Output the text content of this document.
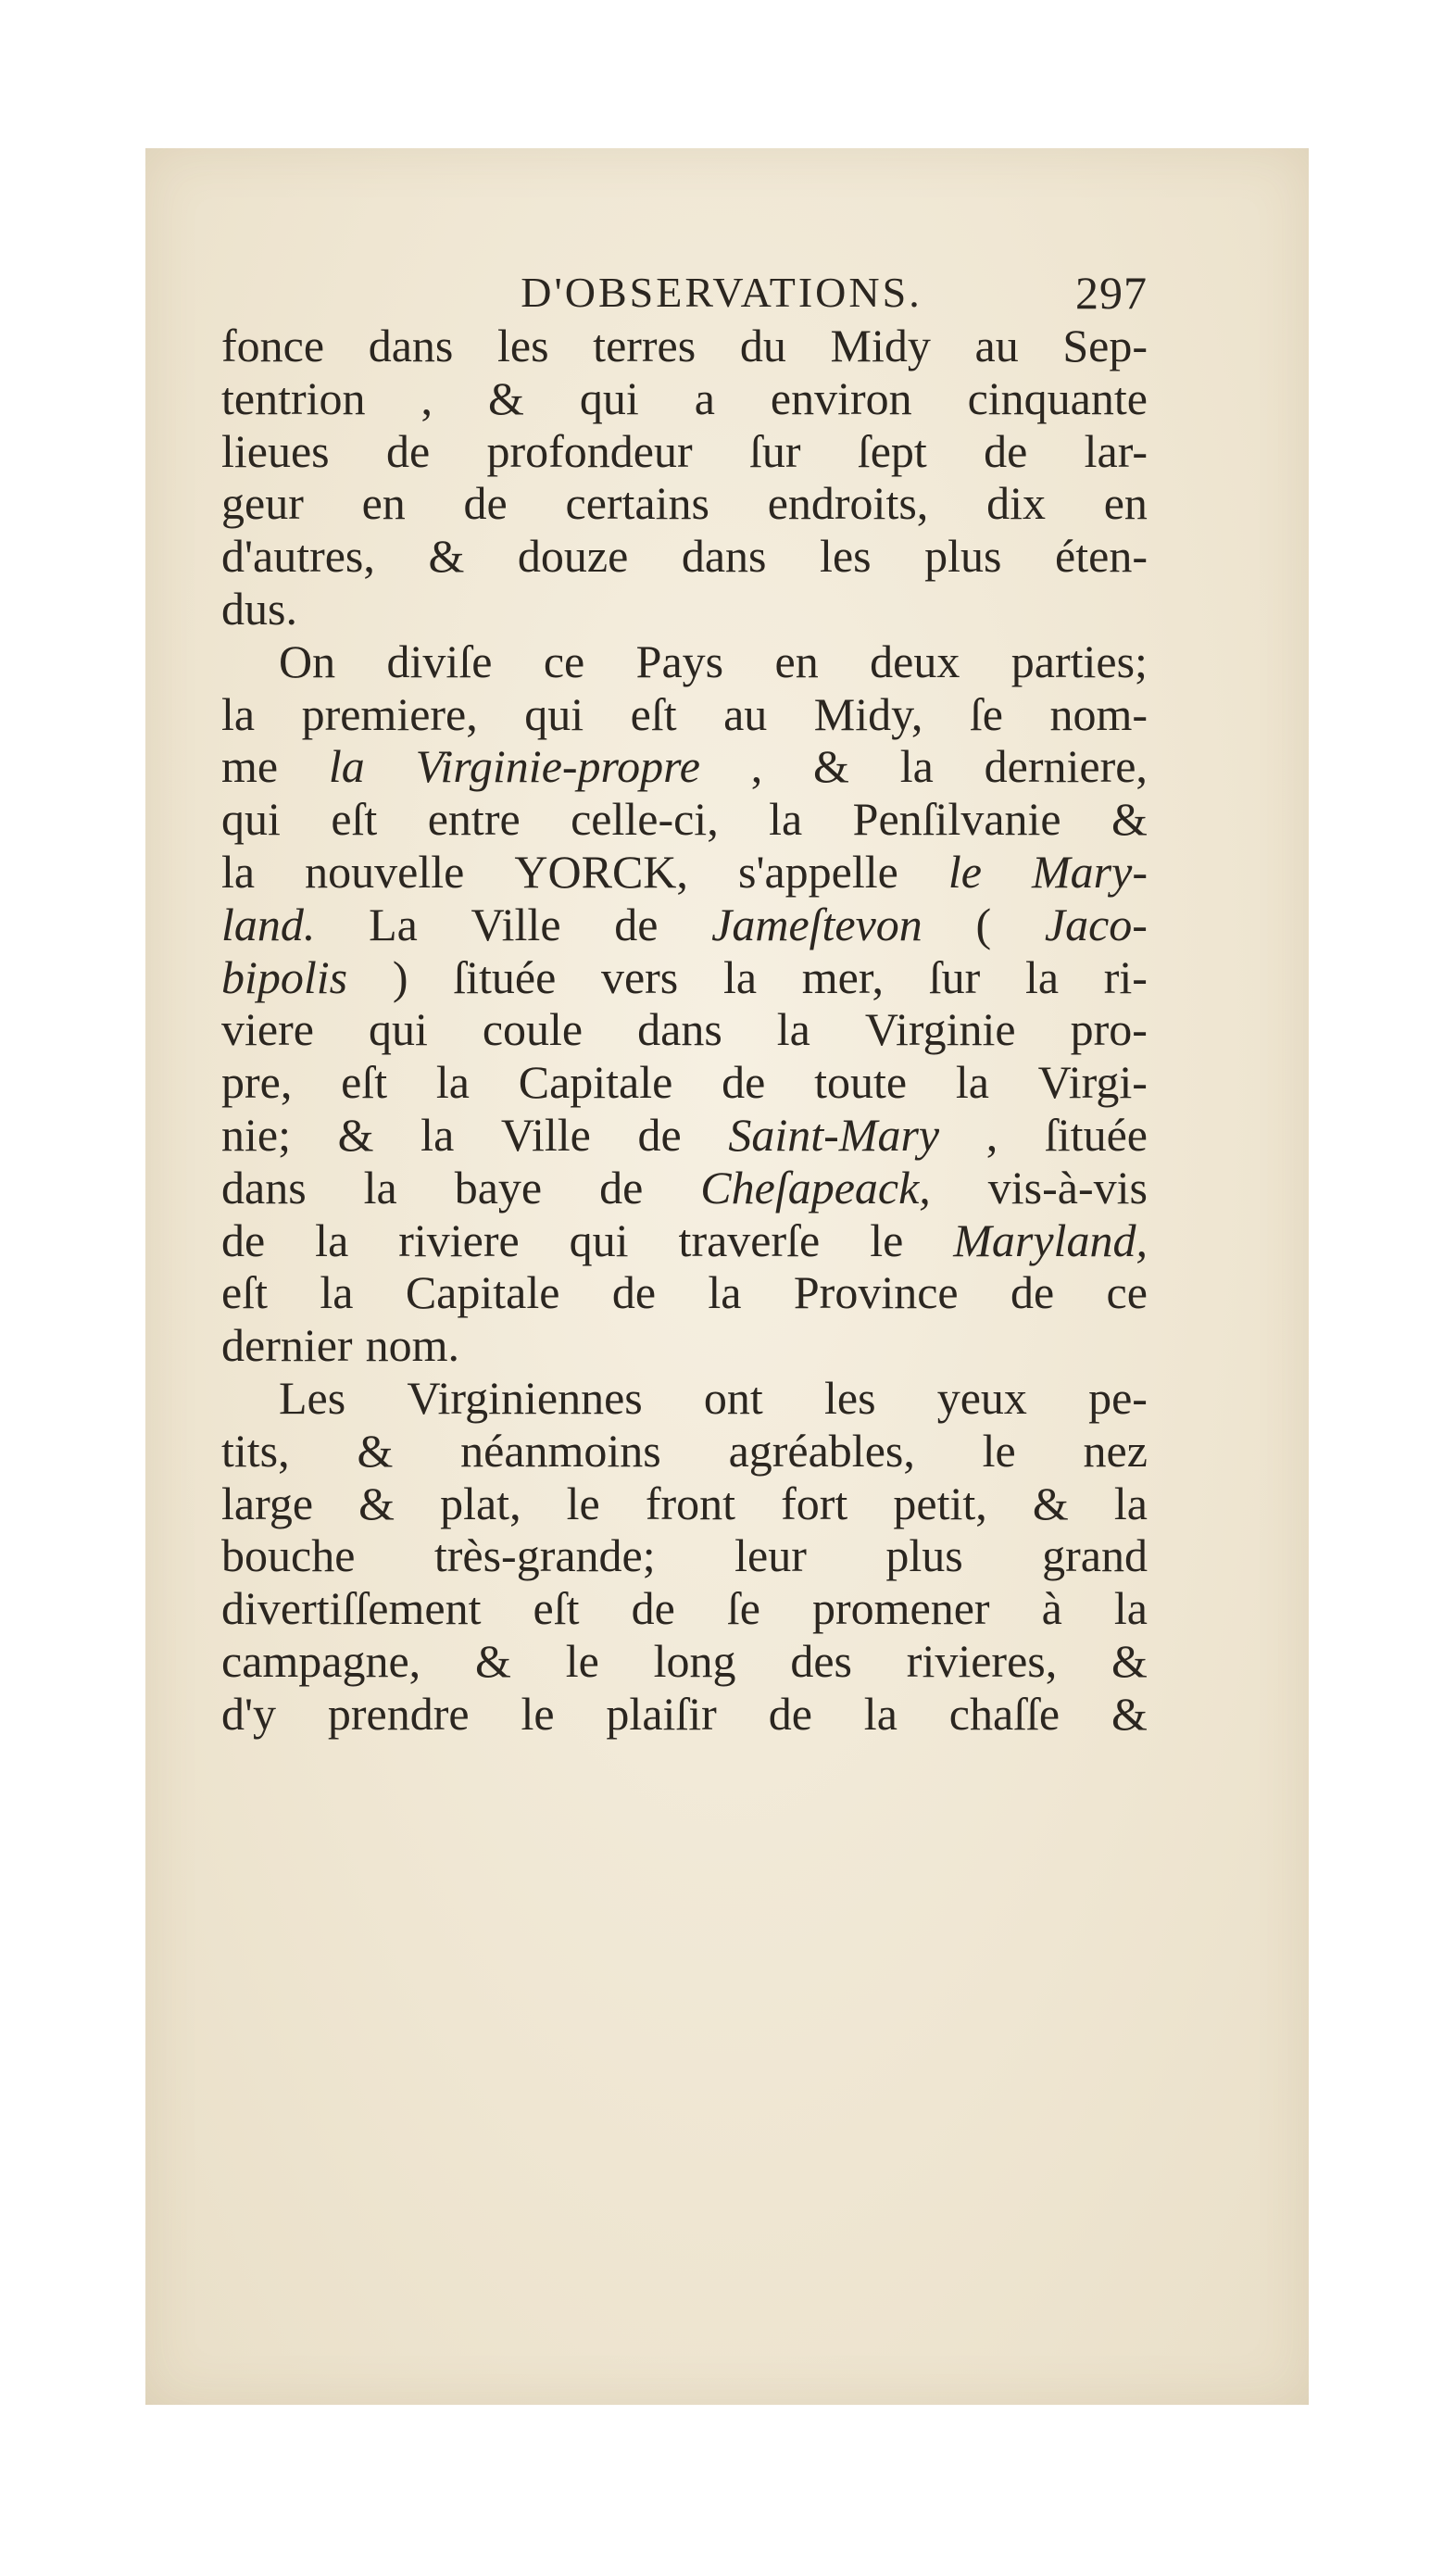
D'OBSERVATIONS.	297
fonce dans les terres du Midy au Sep-
tentrion , & qui a environ cinquante
lieues de profondeur ſur ſept de lar-
geur en de certains endroits, dix en
d'autres, & douze dans les plus éten-
dus.
On diviſe ce Pays en deux parties;
la premiere, qui eſt au Midy, ſe nom-
me la Virginie-propre , & la derniere,
qui eſt entre celle-ci, la Penſilvanie &
la nouvelle YORCK, s'appelle le Mary-
land. La Ville de Jameſtevon ( Jaco-
bipolis ) ſituée vers la mer, ſur la ri-
viere qui coule dans la Virginie pro-
pre, eſt la Capitale de toute la Virgi-
nie; & la Ville de Saint-Mary , ſituée
dans la baye de Cheſapeack, vis-à-vis
de la riviere qui traverſe le Maryland,
eſt la Capitale de la Province de ce
dernier nom.
Les Virginiennes ont les yeux pe-
tits, & néanmoins agréables, le nez
large & plat, le front fort petit, & la
bouche très-grande; leur plus grand
divertiſſement eſt de ſe promener à la
campagne, & le long des rivieres, &
d'y prendre le plaiſir de la chaſſe &
